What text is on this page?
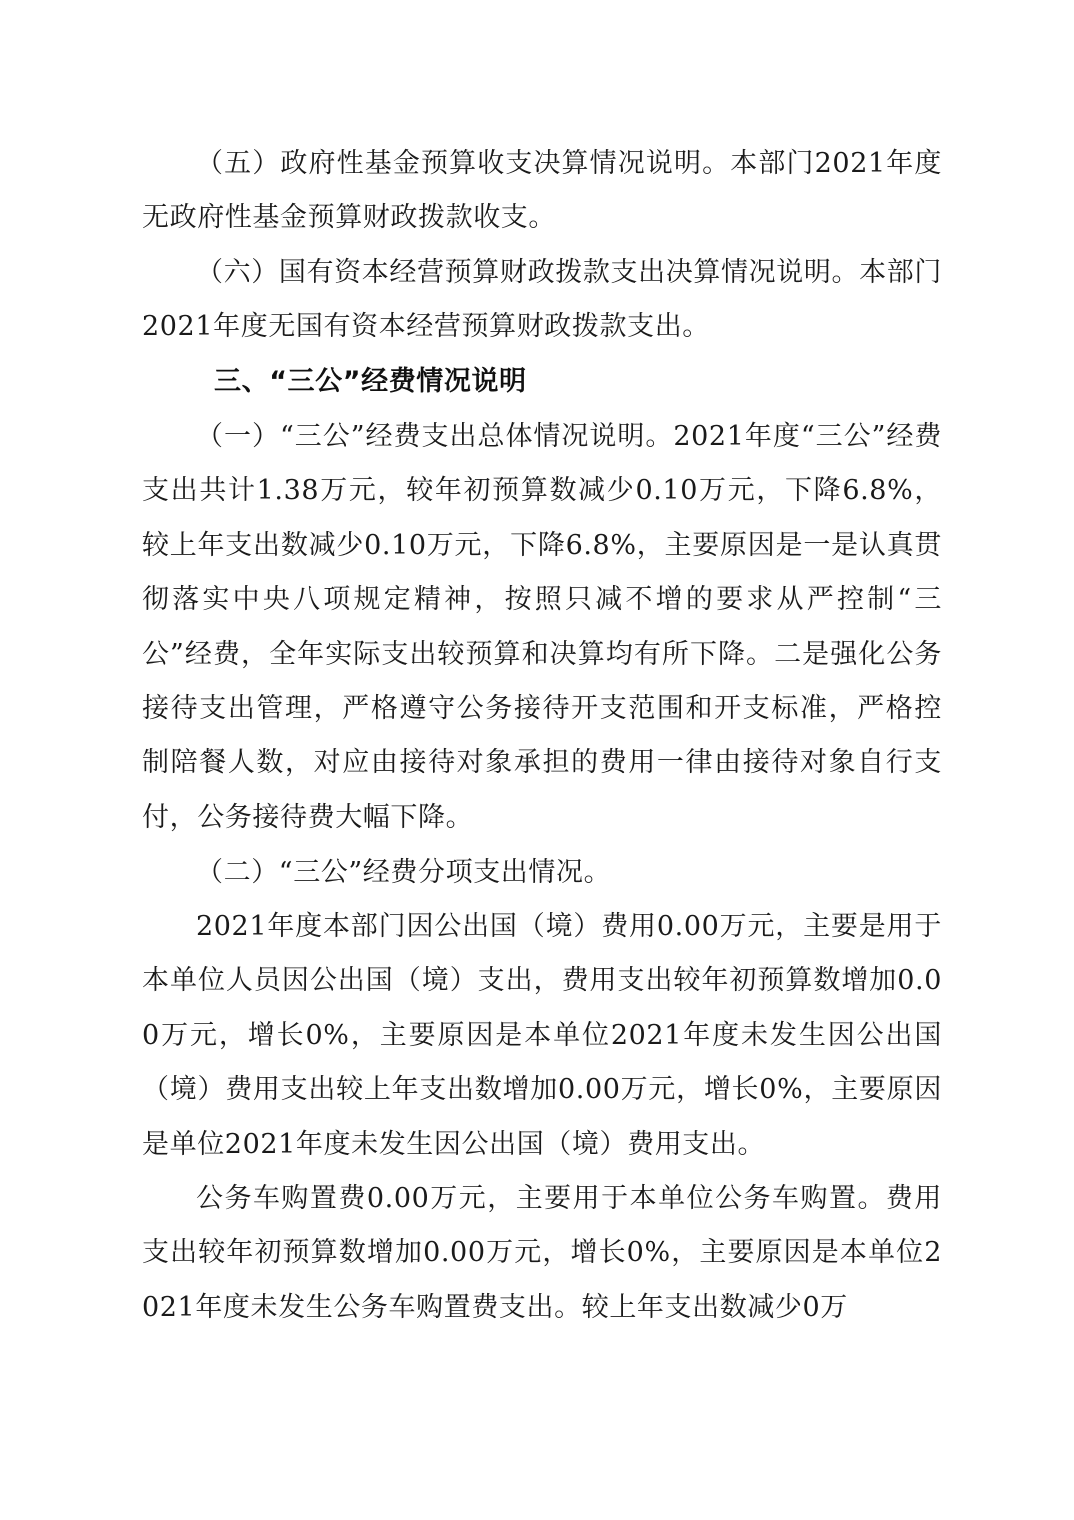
（五）政府性基金预算收支决算情况说明。本部门2021年度无政府性基金预算财政拨款收支。

（六）国有资本经营预算财政拨款支出决算情况说明。本部门2021年度无国有资本经营预算财政拨款支出。

三、“三公”经费情况说明

（一）“三公”经费支出总体情况说明。2021年度“三公”经费支出共计1.38万元，较年初预算数减少0.10万元，下降6.8%，较上年支出数减少0.10万元，下降6.8%，主要原因是一是认真贯彻落实中央八项规定精神，按照只减不增的要求从严控制“三公”经费，全年实际支出较预算和决算均有所下降。二是强化公务接待支出管理，严格遵守公务接待开支范围和开支标准，严格控制陪餐人数，对应由接待对象承担的费用一律由接待对象自行支付，公务接待费大幅下降。

（二）“三公”经费分项支出情况。

2021年度本部门因公出国（境）费用0.00万元，主要是用于本单位人员因公出国（境）支出，费用支出较年初预算数增加0.00万元，增长0%，主要原因是本单位2021年度未发生因公出国（境）费用支出较上年支出数增加0.00万元，增长0%，主要原因是单位2021年度未发生因公出国（境）费用支出。

公务车购置费0.00万元，主要用于本单位公务车购置。费用支出较年初预算数增加0.00万元，增长0%，主要原因是本单位2021年度未发生公务车购置费支出。较上年支出数减少0万
